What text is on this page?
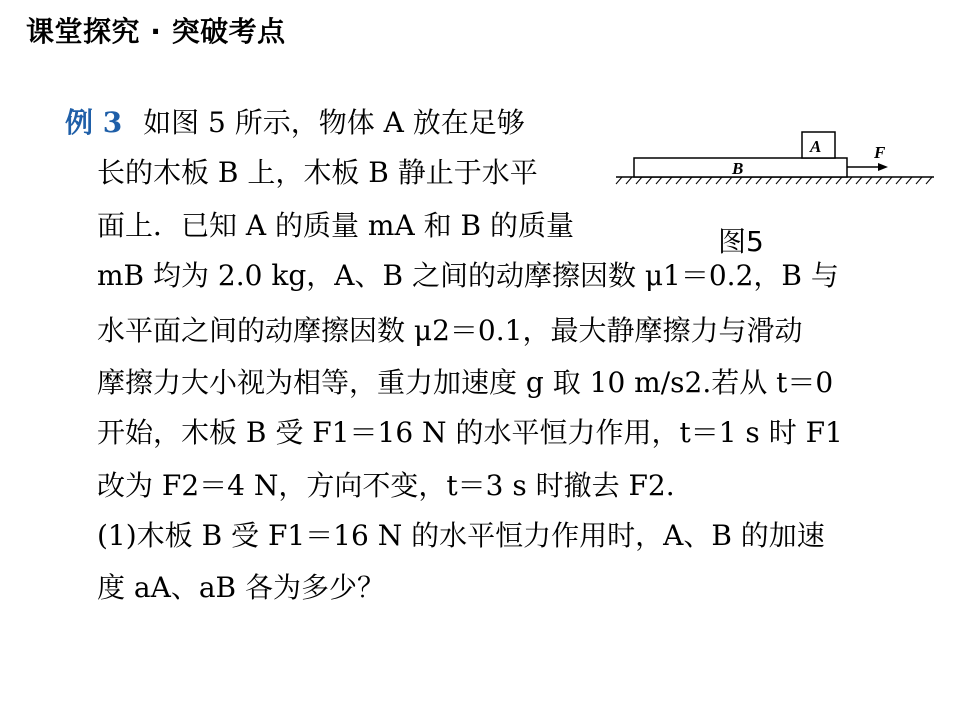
课堂探究 · 突破考点
B
A	F
图5
例 3 如图 5 所示，物体 A 放在足够
长的木板 B 上，木板 B 静止于水平
面上．已知 A 的质量 mA 和 B 的质量
mB 均为 2.0 kg，A、B 之间的动摩擦因数 μ1＝0.2，B 与
水平面之间的动摩擦因数 μ2＝0.1，最大静摩擦力与滑动
摩擦力大小视为相等，重力加速度 g 取 10 m/s2.若从 t＝0
开始，木板 B 受 F1＝16 N 的水平恒力作用，t＝1 s 时 F1
改为 F2＝4 N，方向不变，t＝3 s 时撤去 F2.
(1)木板 B 受 F1＝16 N 的水平恒力作用时，A、B 的加速
度 aA、aB 各为多少？
